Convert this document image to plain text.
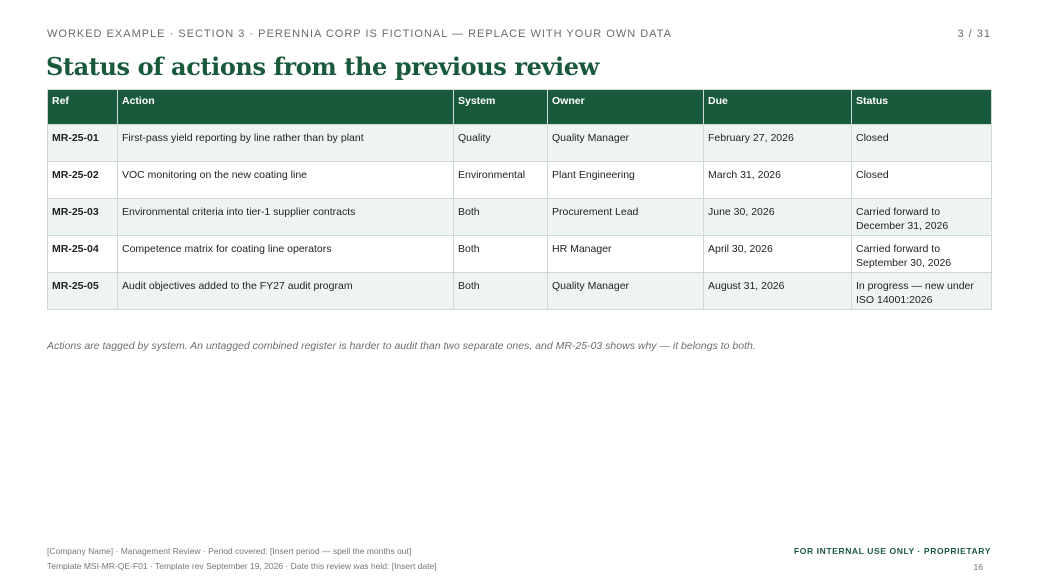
WORKED EXAMPLE · SECTION 3 · PERENNIA CORP IS FICTIONAL — REPLACE WITH YOUR OWN DATA	3 / 31
Status of actions from the previous review
Ref	Action	System	Owner	Due	Status
MR-25-01	First-pass yield reporting by line rather than by plant	Quality	Quality Manager	February 27, 2026	Closed
MR-25-02	VOC monitoring on the new coating line	Environmental	Plant Engineering	March 31, 2026	Closed
MR-25-03	Environmental criteria into tier-1 supplier contracts	Both	Procurement Lead	June 30, 2026	Carried forward to December 31, 2026
MR-25-04	Competence matrix for coating line operators	Both	HR Manager	April 30, 2026	Carried forward to September 30, 2026
MR-25-05	Audit objectives added to the FY27 audit program	Both	Quality Manager	August 31, 2026	In progress — new under ISO 14001:2026

Actions are tagged by system. An untagged combined register is harder to audit than two separate ones, and MR-25-03 shows why — it belongs to both.

[Company Name] · Management Review · Period covered: [Insert period — spell the months out]
Template MSI-MR-QE-F01 · Template rev September 19, 2026 · Date this review was held: [Insert date]
FOR INTERNAL USE ONLY · PROPRIETARY
16
